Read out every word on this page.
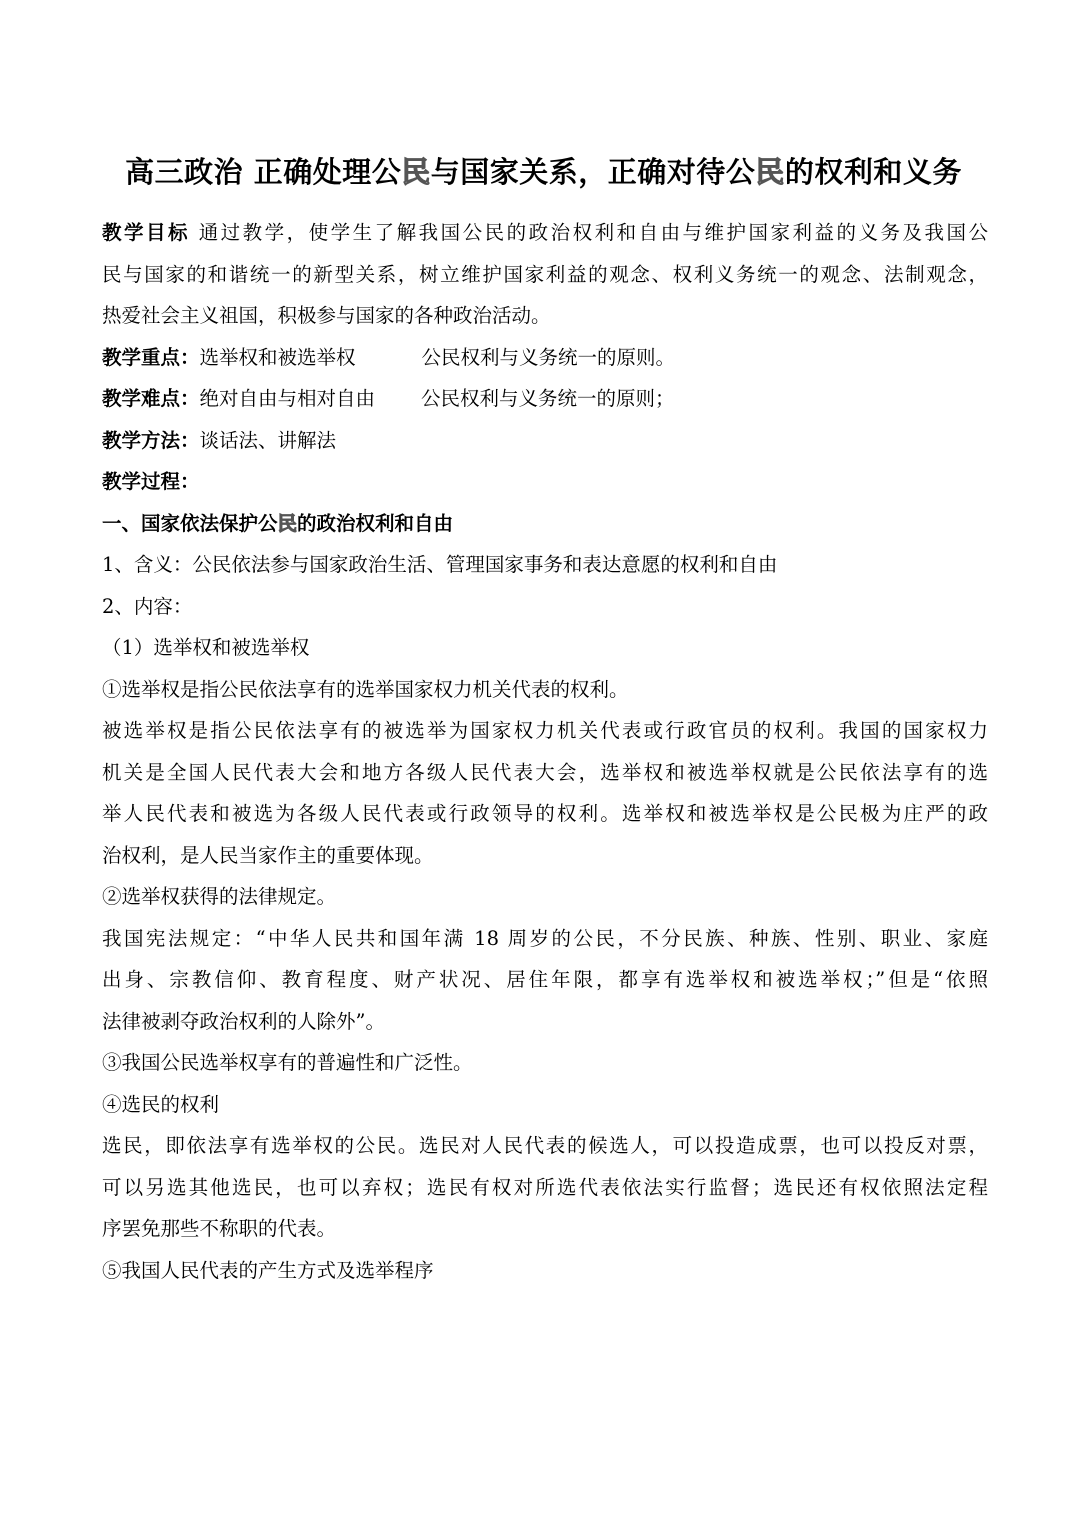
高三政治 正确处理公民与国家关系，正确对待公民的权利和义务
教学目标 通过教学，使学生了解我国公民的政治权利和自由与维护国家利益的义务及我国公
民与国家的和谐统一的新型关系，树立维护国家利益的观念、权利义务统一的观念、法制观念，
热爱社会主义祖国，积极参与国家的各种政治活动。
教学重点：选举权和被选举权	公民权利与义务统一的原则。
教学难点：绝对自由与相对自由 公民权利与义务统一的原则；
教学方法：谈话法、讲解法
教学过程：
一、国家依法保护公民的政治权利和自由
1、含义：公民依法参与国家政治生活、管理国家事务和表达意愿的权利和自由
2、内容：
（1）选举权和被选举权
①选举权是指公民依法享有的选举国家权力机关代表的权利。
被选举权是指公民依法享有的被选举为国家权力机关代表或行政官员的权利。我国的国家权力
机关是全国人民代表大会和地方各级人民代表大会，选举权和被选举权就是公民依法享有的选
举人民代表和被选为各级人民代表或行政领导的权利。选举权和被选举权是公民极为庄严的政
治权利，是人民当家作主的重要体现。
②选举权获得的法律规定。
我国宪法规定：“中华人民共和国年满 18 周岁的公民，不分民族、种族、性别、职业、家庭
出身、宗教信仰、教育程度、财产状况、居住年限，都享有选举权和被选举权；”但是“依照
法律被剥夺政治权利的人除外”。
③我国公民选举权享有的普遍性和广泛性。
④选民的权利
选民，即依法享有选举权的公民。选民对人民代表的候选人，可以投造成票，也可以投反对票，
可以另选其他选民，也可以弃权；选民有权对所选代表依法实行监督；选民还有权依照法定程
序罢免那些不称职的代表。
⑤我国人民代表的产生方式及选举程序
